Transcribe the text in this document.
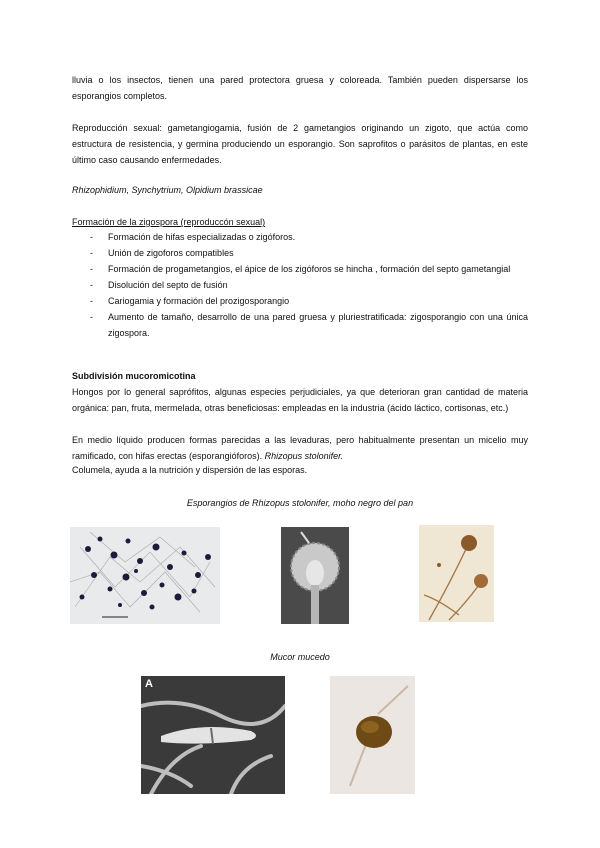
lluvia o los insectos, tienen una pared protectora gruesa y coloreada. También pueden dispersarse los esporangios completos.

Reproducción sexual: gametangiogamia, fusión de 2 gametangios originando un zigoto, que actúa como estructura de resistencia, y germina produciendo un esporangio. Son saprofitos o parásitos de plantas, en este último caso causando enfermedades.

Rhizophidium, Synchytrium, Olpidium brassicae

Formación de la zigospora (reproduccón sexual)

- Formación de hifas especializadas o zigóforos.
- Unión de zigoforos compatibles
- Formación de progametangios, el ápice de los zigóforos se hincha , formación del septo gametangial
- Disolución del septo de fusión
- Cariogamia y formación del prozigosporangio
- Aumento de tamaño, desarrollo de una pared gruesa y pluriestratificada: zigosporangio con una única zigospora.

Subdivisión mucoromicotina

Hongos por lo general saprófitos, algunas especies perjudiciales, ya que deterioran gran cantidad de materia orgánica: pan, fruta, mermelada, otras beneficiosas: empleadas en la industria (ácido láctico, cortisonas, etc.)

En medio líquido producen formas parecidas a las levaduras, pero habitualmente presentan un micelio muy ramificado, con hifas erectas (esporangióforos). Rhizopus stolonifer.

Columela, ayuda a la nutrición y dispersión de las esporas.

Esporangios de Rhizopus stolonifer, moho negro del pan
Mucor mucedo
A
